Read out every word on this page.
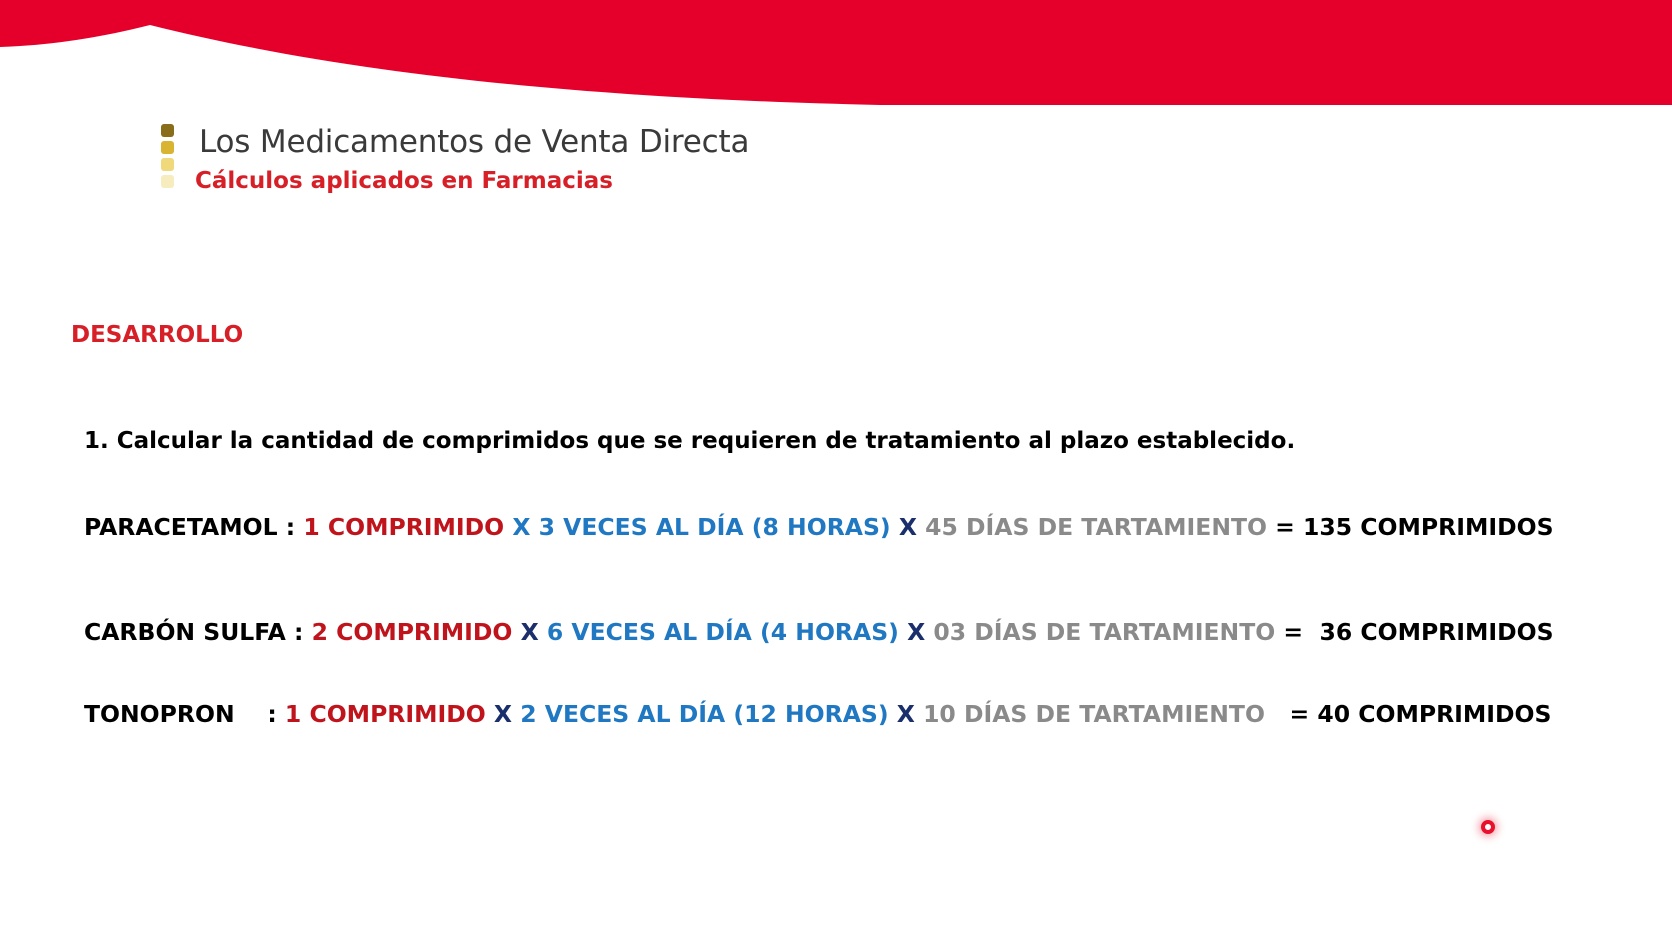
Los Medicamentos de Venta Directa
Cálculos aplicados en Farmacias
DESARROLLO
1. Calcular la cantidad de comprimidos que se requieren de tratamiento al plazo establecido.
PARACETAMOL : 1 COMPRIMIDO X 3 VECES AL DÍA (8 HORAS) X 45 DÍAS DE TARTAMIENTO = 135 COMPRIMIDOS
CARBÓN SULFA : 2 COMPRIMIDO X 6 VECES AL DÍA (4 HORAS) X 03 DÍAS DE TARTAMIENTO =  36 COMPRIMIDOS
TONOPRON    : 1 COMPRIMIDO X 2 VECES AL DÍA (12 HORAS) X 10 DÍAS DE TARTAMIENTO   = 40 COMPRIMIDOS
